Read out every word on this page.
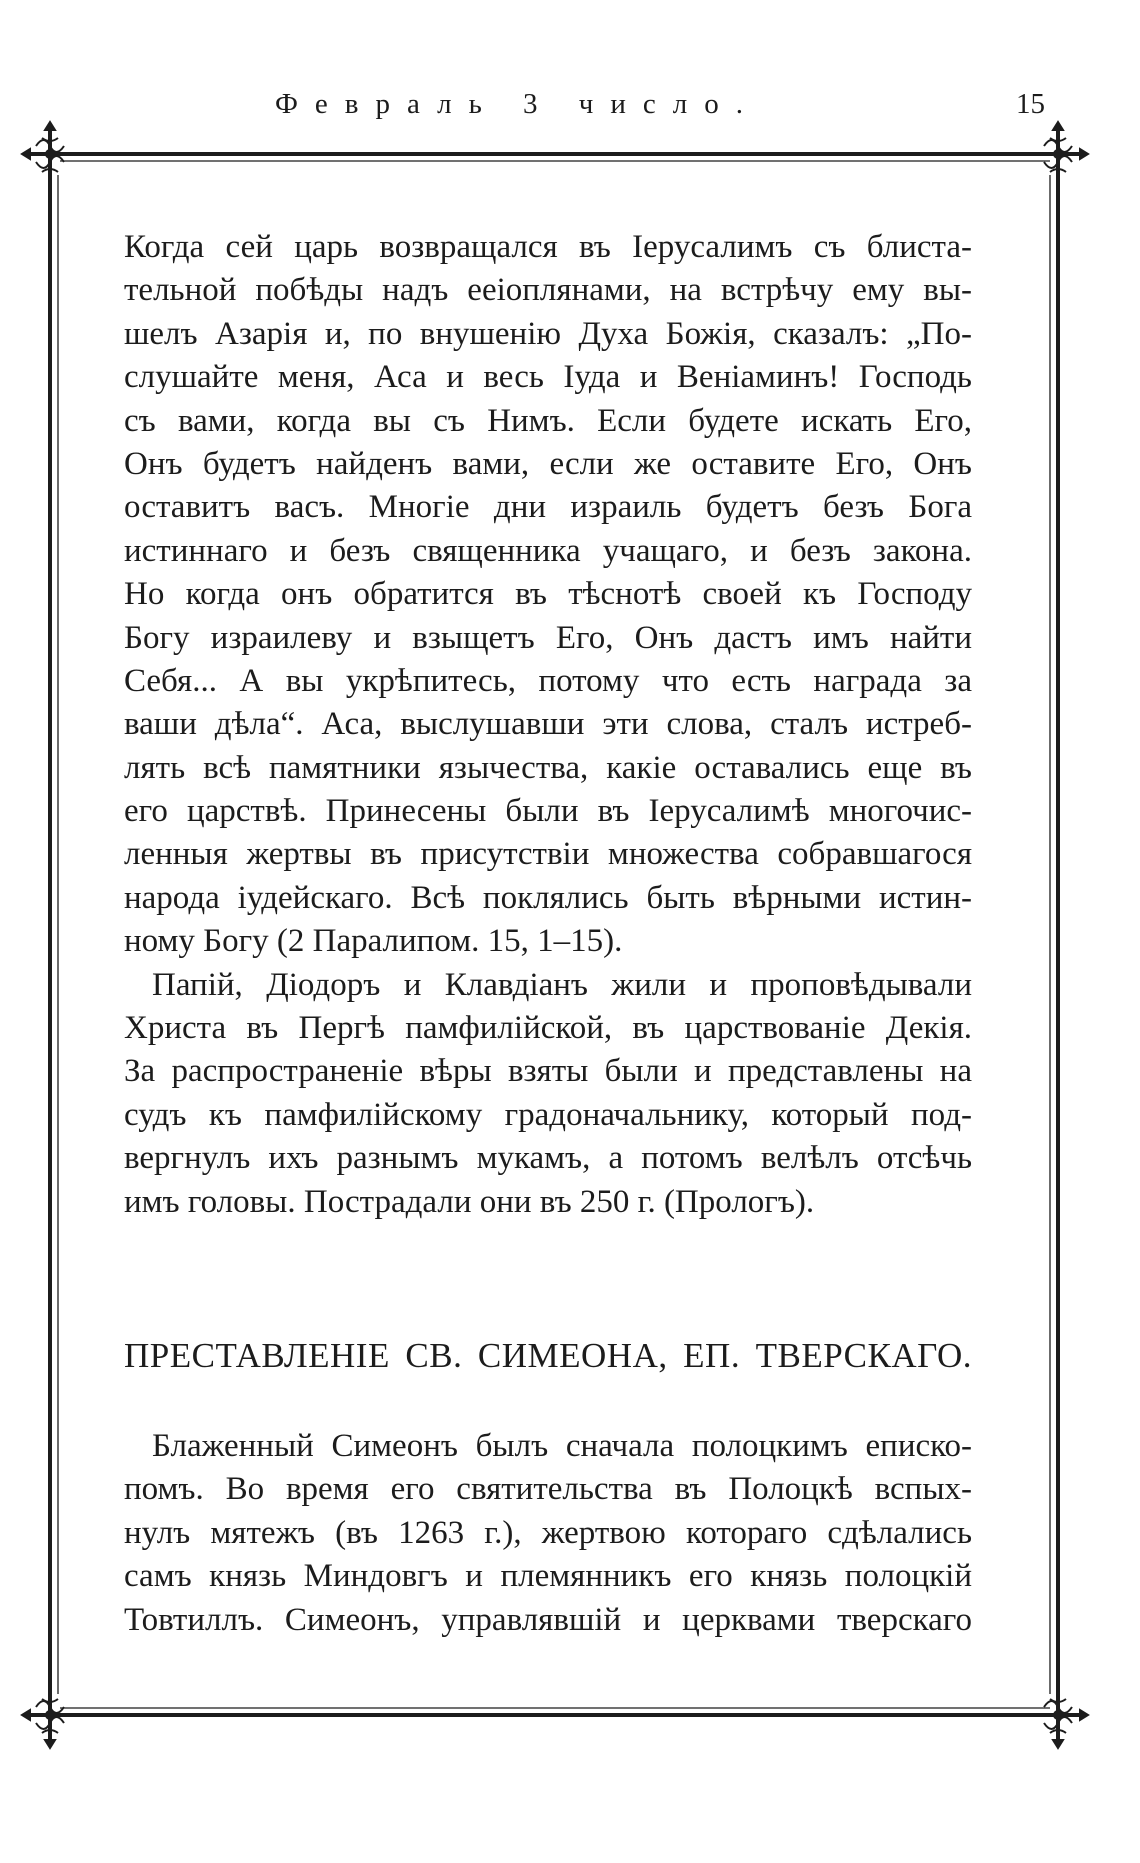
Февраль 3 число.	15
Когда сей царь возвращался въ Іерусалимъ съ блиста-
тельной побѣды надъ ееіоплянами, на встрѣчу ему вы-
шелъ Азарія и, по внушенію Духа Божія, сказалъ: „По-
слушайте меня, Аса и весь Іуда и Веніаминъ! Господь
съ вами, когда вы съ Нимъ. Если будете искать Его,
Онъ будетъ найденъ вами, если же оставите Его, Онъ
оставитъ васъ. Многіе дни израиль будетъ безъ Бога
истиннаго и безъ священника учащаго, и безъ закона.
Но когда онъ обратится въ тѣснотѣ своей къ Господу
Богу израилеву и взыщетъ Его, Онъ дастъ имъ найти
Себя... А вы укрѣпитесь, потому что есть награда за
ваши дѣла“. Аса, выслушавши эти слова, сталъ истреб-
лять всѣ памятники язычества, какіе оставались еще въ
его царствѣ. Принесены были въ Іерусалимѣ многочис-
ленныя жертвы въ присутствіи множества собравшагося
народа іудейскаго. Всѣ поклялись быть вѣрными истин-
ному Богу (2 Паралипом. 15, 1–15).
Папій, Діодоръ и Клавдіанъ жили и проповѣдывали
Христа въ Пергѣ памфилійской, въ царствованіе Декія.
За распространеніе вѣры взяты были и представлены на
судъ къ памфилійскому градоначальнику, который под-
вергнулъ ихъ разнымъ мукамъ, а потомъ велѣлъ отсѣчь
имъ головы. Пострадали они въ 250 г. (Прологъ).
ПРЕСТАВЛЕНІЕ СВ. СИМЕОНА, ЕП. ТВЕРСКАГО.
Блаженный Симеонъ былъ сначала полоцкимъ еписко-
помъ. Во время его святительства въ Полоцкѣ вспых-
нулъ мятежъ (въ 1263 г.), жертвою котораго сдѣлались
самъ князь Миндовгъ и племянникъ его князь полоцкій
Товтиллъ. Симеонъ, управлявшій и церквами тверскаго
